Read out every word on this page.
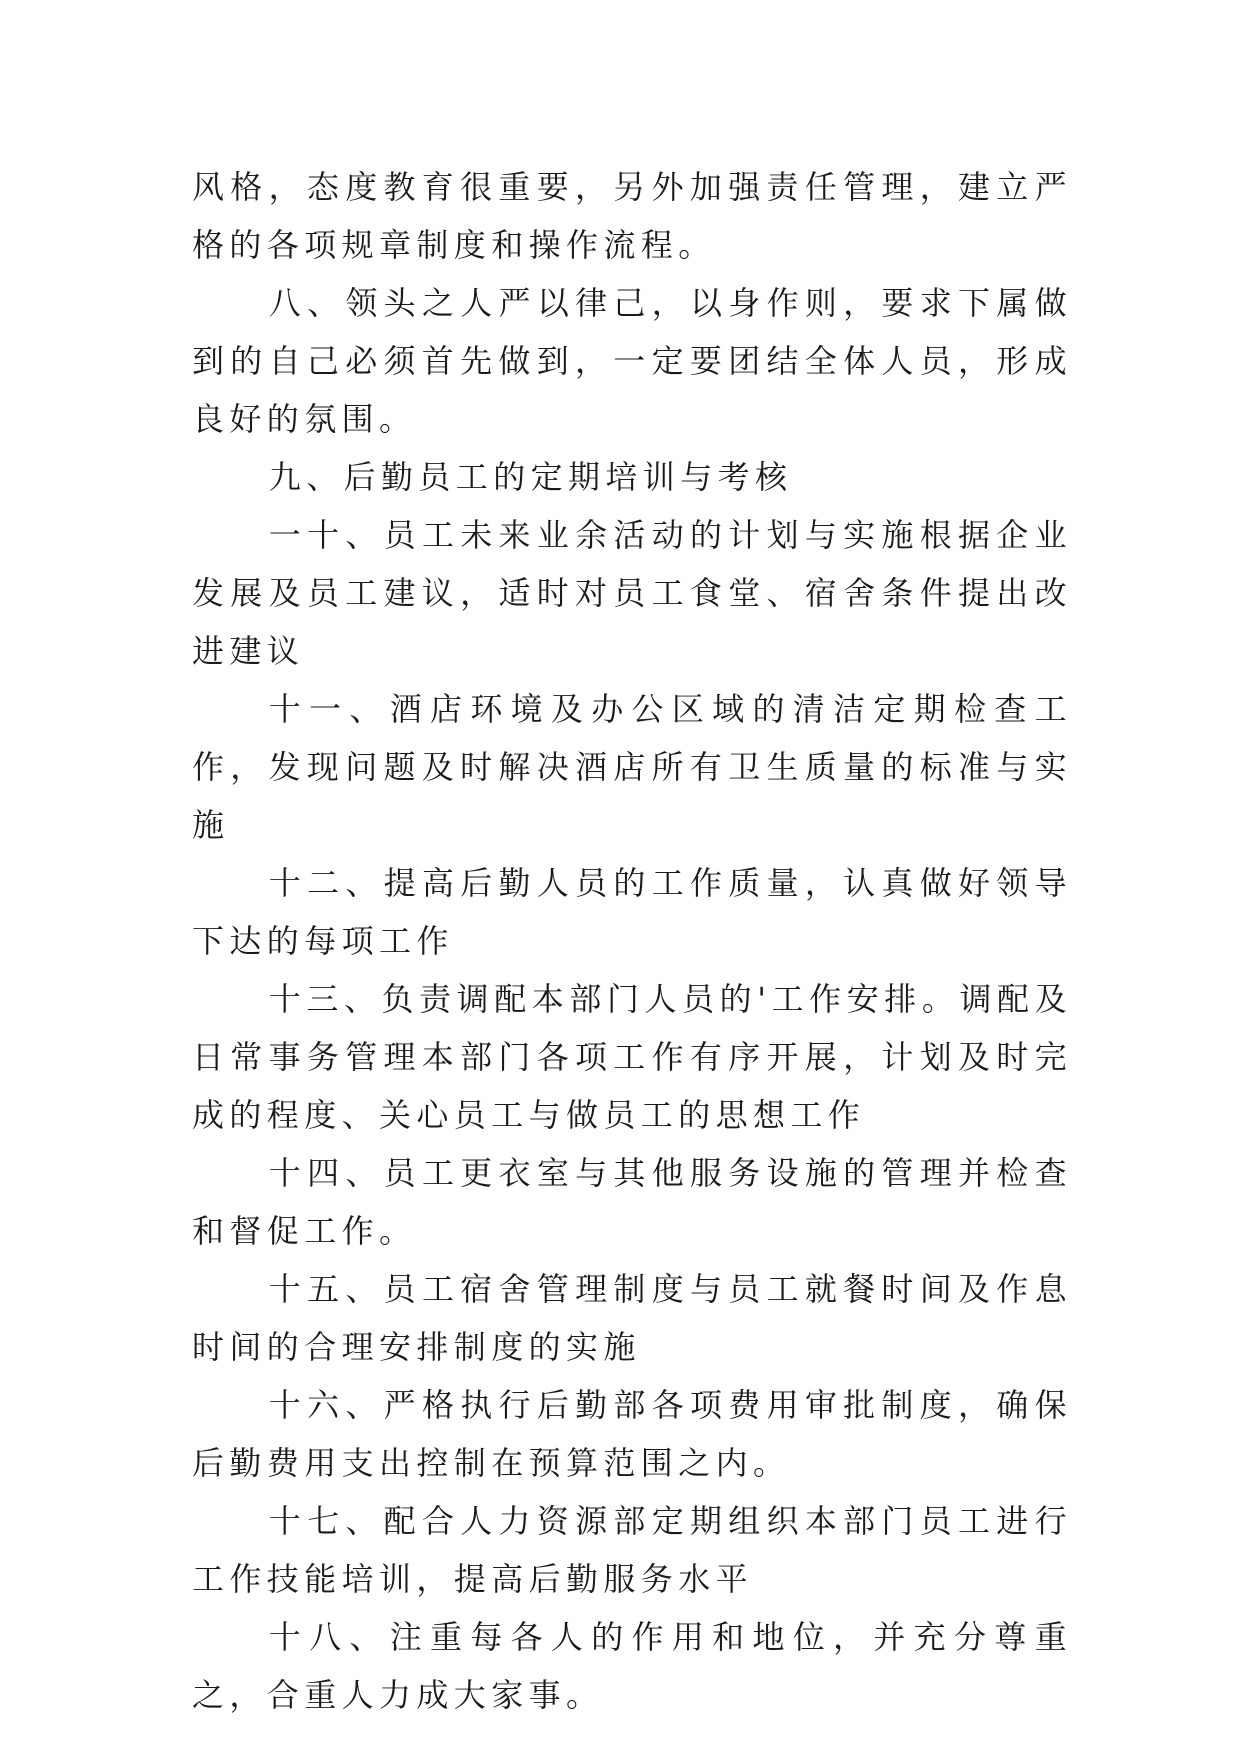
风格，态度教育很重要，另外加强责任管理，建立严格的各项规章制度和操作流程。

八、领头之人严以律己，以身作则，要求下属做到的自己必须首先做到，一定要团结全体人员，形成良好的氛围。

九、后勤员工的定期培训与考核

一十、员工未来业余活动的计划与实施根据企业发展及员工建议，适时对员工食堂、宿舍条件提出改进建议

十一、酒店环境及办公区域的清洁定期检查工作，发现问题及时解决酒店所有卫生质量的标准与实施

十二、提高后勤人员的工作质量，认真做好领导下达的每项工作

十三、负责调配本部门人员的'工作安排。调配及日常事务管理本部门各项工作有序开展，计划及时完成的程度、关心员工与做员工的思想工作

十四、员工更衣室与其他服务设施的管理并检查和督促工作。

十五、员工宿舍管理制度与员工就餐时间及作息时间的合理安排制度的实施

十六、严格执行后勤部各项费用审批制度，确保后勤费用支出控制在预算范围之内。

十七、配合人力资源部定期组织本部门员工进行工作技能培训，提高后勤服务水平

十八、注重每各人的作用和地位，并充分尊重之，合重人力成大家事。
